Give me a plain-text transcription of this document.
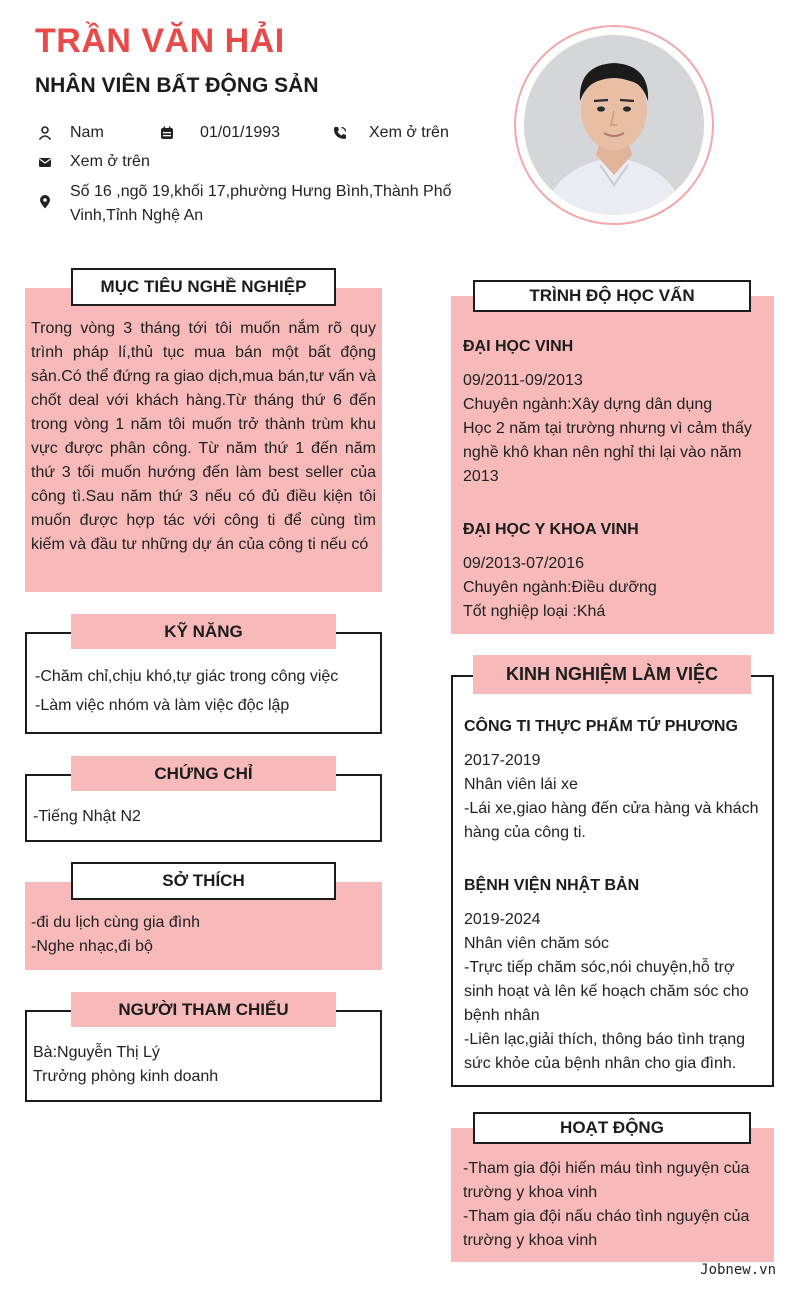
TRẦN VĂN HẢI
NHÂN VIÊN BẤT ĐỘNG SẢN
Nam	01/01/1993	Xem ở trên
Xem ở trên
Số 16 ,ngõ 19,khối 17,phường Hưng Bình,Thành Phố
Vinh,Tỉnh Nghệ An
MỤC TIÊU NGHỀ NGHIỆP
Trong vòng 3 tháng tới tôi muốn nắm rõ quy trình pháp lí,thủ tục mua bán một bất động sản.Có thể đứng ra giao dịch,mua bán,tư vấn và chốt deal với khách hàng.Từ tháng thứ 6 đến trong vòng 1 năm tôi muốn trở thành trùm khu vực được phân công. Từ năm thứ 1 đến năm thứ 3 tối muốn hướng đến làm best seller của công tì.Sau năm thứ 3 nếu có đủ điều kiện tôi muốn được hợp tác với công ti để cùng tìm kiếm và đầu tư những dự án của công ti nếu có
KỸ NĂNG
-Chăm chỉ,chịu khó,tự giác trong công việc
-Làm việc nhóm và làm việc độc lập
CHỨNG CHỈ
-Tiếng Nhật N2
SỞ THÍCH
-đi du lịch cùng gia đình
-Nghe nhạc,đi bộ
NGƯỜI THAM CHIẾU
Bà:Nguyễn Thị Lý
Trưởng phòng kinh doanh
TRÌNH ĐỘ HỌC VẤN
ĐẠI HỌC VINH
09/2011-09/2013
Chuyên ngành:Xây dựng dân dụng
Học 2 năm tại trường nhưng vì cảm thấy nghề khô khan nên nghỉ thi lại vào năm 2013
ĐẠI HỌC Y KHOA VINH
09/2013-07/2016
Chuyên ngành:Điều dưỡng
Tốt nghiệp loại :Khá
KINH NGHIỆM LÀM VIỆC
CÔNG TI THỰC PHẨM TỨ PHƯƠNG
2017-2019
Nhân viên lái xe
-Lái xe,giao hàng đến cửa hàng và khách hàng của công ti.
BỆNH VIỆN NHẬT BẢN
2019-2024
Nhân viên chăm sóc
-Trực tiếp chăm sóc,nói chuyện,hỗ trợ sinh hoạt và lên kế hoạch chăm sóc cho bệnh nhân
-Liên lạc,giải thích, thông báo tình trạng sức khỏe của bệnh nhân cho gia đình.
HOẠT ĐỘNG
-Tham gia đội hiến máu tình nguyện của trường y khoa vinh
-Tham gia đội nấu cháo tình nguyện của trường y khoa vinh
Jobnew.vn
